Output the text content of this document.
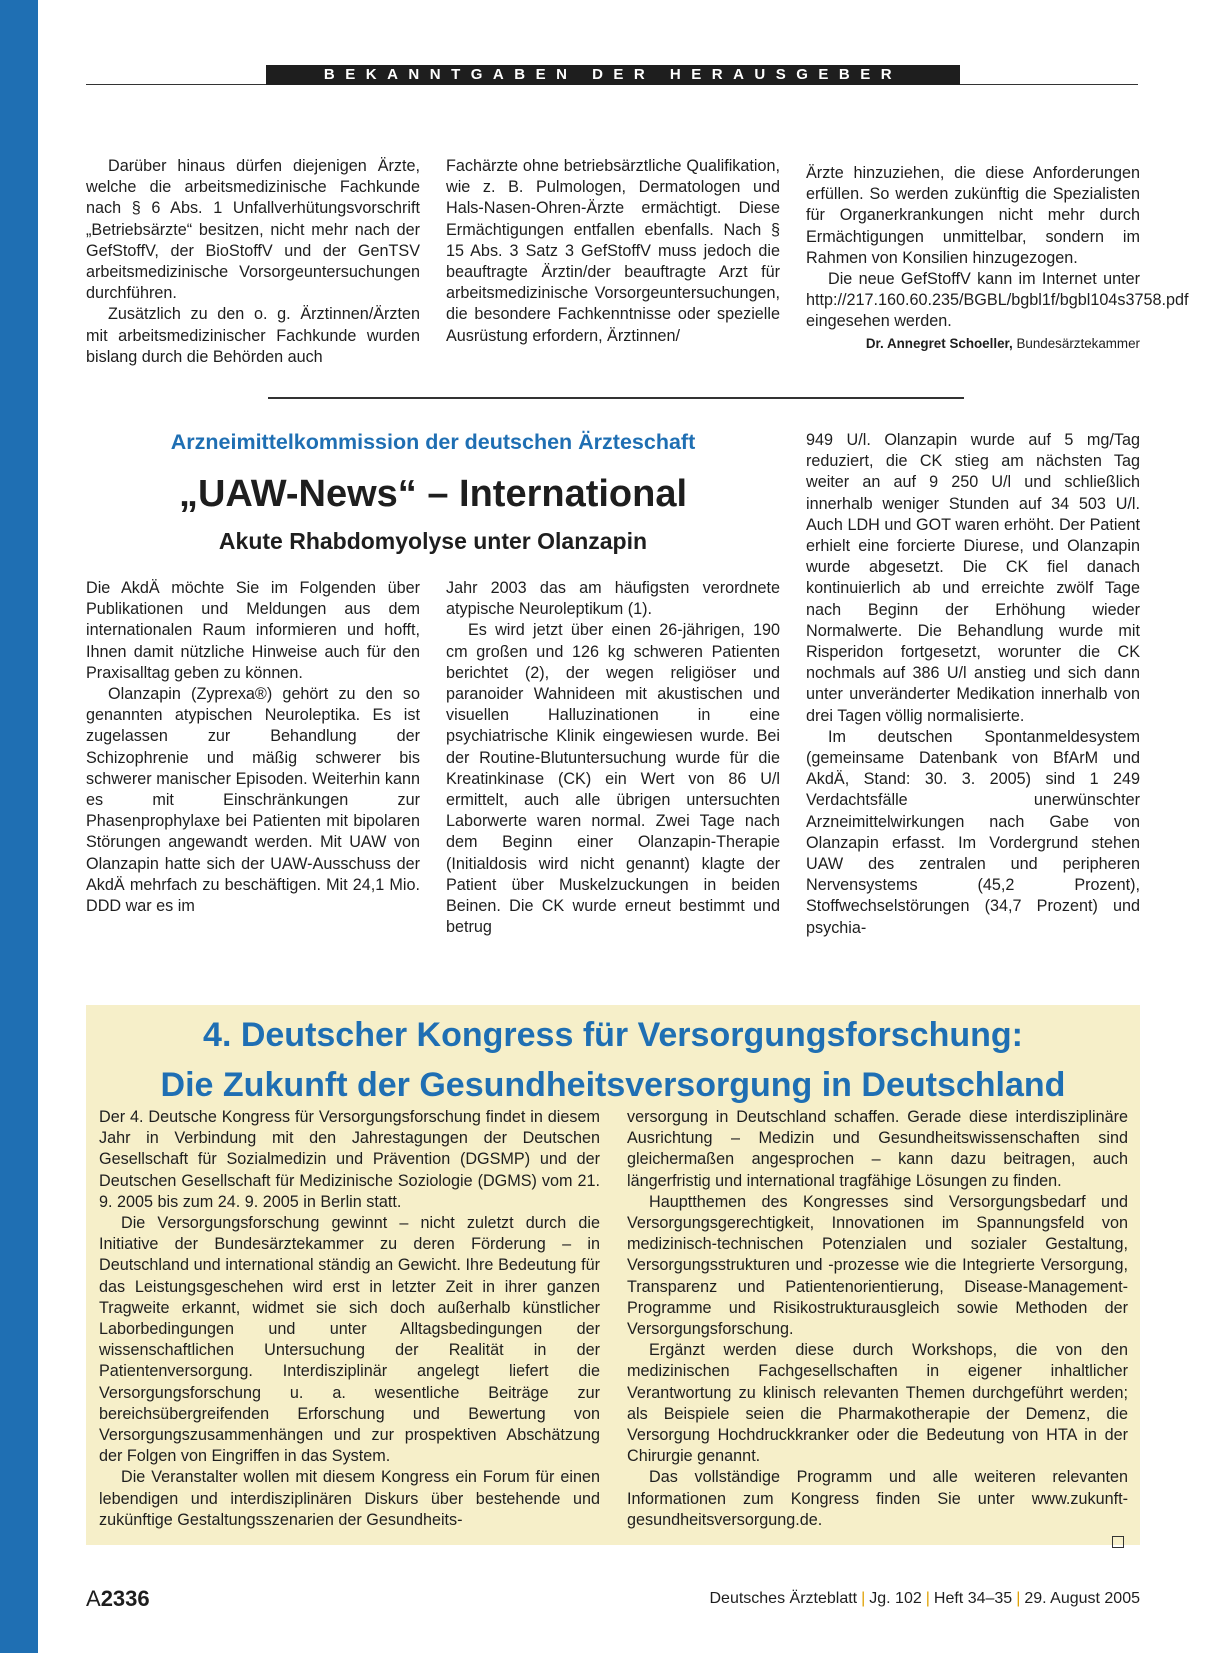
BEKANNTGABEN DER HERAUSGEBER

Darüber hinaus dürfen diejenigen Ärzte, welche die arbeitsmedizinische Fachkunde nach § 6 Abs. 1 Unfallverhütungsvorschrift „Betriebsärzte“ besitzen, nicht mehr nach der GefStoffV, der BioStoffV und der GenTSV arbeitsmedizinische Vorsorgeuntersuchungen durchführen.

Zusätzlich zu den o. g. Ärztinnen/Ärzten mit arbeitsmedizinischer Fachkunde wurden bislang durch die Behörden auch

Fachärzte ohne betriebsärztliche Qualifikation, wie z. B. Pulmologen, Dermatologen und Hals-Nasen-Ohren-Ärzte ermächtigt. Diese Ermächtigungen entfallen ebenfalls. Nach § 15 Abs. 3 Satz 3 GefStoffV muss jedoch die beauftragte Ärztin/der beauftragte Arzt für arbeitsmedizinische Vorsorgeuntersuchungen, die besondere Fachkenntnisse oder spezielle Ausrüstung erfordern, Ärztinnen/

Ärzte hinzuziehen, die diese Anforderungen erfüllen. So werden zukünftig die Spezialisten für Organerkrankungen nicht mehr durch Ermächtigungen unmittelbar, sondern im Rahmen von Konsilien hinzugezogen.

Die neue GefStoffV kann im Internet unter http://217.160.60.235/BGBL/bgbl1f/bgbl104s3758.pdf eingesehen werden.

Dr. Annegret Schoeller, Bundesärztekammer
Arzneimittelkommission der deutschen Ärzteschaft
„UAW-News“ – International
Akute Rhabdomyolyse unter Olanzapin

Die AkdÄ möchte Sie im Folgenden über Publikationen und Meldungen aus dem internationalen Raum informieren und hofft, Ihnen damit nützliche Hinweise auch für den Praxisalltag geben zu können.

Olanzapin (Zyprexa®) gehört zu den so genannten atypischen Neuroleptika. Es ist zugelassen zur Behandlung der Schizophrenie und mäßig schwerer bis schwerer manischer Episoden. Weiterhin kann es mit Einschränkungen zur Phasenprophylaxe bei Patienten mit bipolaren Störungen angewandt werden. Mit UAW von Olanzapin hatte sich der UAW-Ausschuss der AkdÄ mehrfach zu beschäftigen. Mit 24,1 Mio. DDD war es im

Jahr 2003 das am häufigsten verordnete atypische Neuroleptikum (1).

Es wird jetzt über einen 26-jährigen, 190 cm großen und 126 kg schweren Patienten berichtet (2), der wegen religiöser und paranoider Wahnideen mit akustischen und visuellen Halluzinationen in eine psychiatrische Klinik eingewiesen wurde. Bei der Routine-Blutuntersuchung wurde für die Kreatinkinase (CK) ein Wert von 86 U/l ermittelt, auch alle übrigen untersuchten Laborwerte waren normal. Zwei Tage nach dem Beginn einer Olanzapin-Therapie (Initialdosis wird nicht genannt) klagte der Patient über Muskelzuckungen in beiden Beinen. Die CK wurde erneut bestimmt und betrug

949 U/l. Olanzapin wurde auf 5 mg/Tag reduziert, die CK stieg am nächsten Tag weiter an auf 9 250 U/l und schließlich innerhalb weniger Stunden auf 34 503 U/l. Auch LDH und GOT waren erhöht. Der Patient erhielt eine forcierte Diurese, und Olanzapin wurde abgesetzt. Die CK fiel danach kontinuierlich ab und erreichte zwölf Tage nach Beginn der Erhöhung wieder Normalwerte. Die Behandlung wurde mit Risperidon fortgesetzt, worunter die CK nochmals auf 386 U/l anstieg und sich dann unter unveränderter Medikation innerhalb von drei Tagen völlig normalisierte.

Im deutschen Spontanmeldesystem (gemeinsame Datenbank von BfArM und AkdÄ, Stand: 30. 3. 2005) sind 1 249 Verdachtsfälle unerwünschter Arzneimittelwirkungen nach Gabe von Olanzapin erfasst. Im Vordergrund stehen UAW des zentralen und peripheren Nervensystems (45,2 Prozent), Stoffwechselstörungen (34,7 Prozent) und psychia-

4. Deutscher Kongress für Versorgungsforschung:
Die Zukunft der Gesundheitsversorgung in Deutschland

Der 4. Deutsche Kongress für Versorgungsforschung findet in diesem Jahr in Verbindung mit den Jahrestagungen der Deutschen Gesellschaft für Sozialmedizin und Prävention (DGSMP) und der Deutschen Gesellschaft für Medizinische Soziologie (DGMS) vom 21. 9. 2005 bis zum 24. 9. 2005 in Berlin statt.

Die Versorgungsforschung gewinnt – nicht zuletzt durch die Initiative der Bundesärztekammer zu deren Förderung – in Deutschland und international ständig an Gewicht. Ihre Bedeutung für das Leistungsgeschehen wird erst in letzter Zeit in ihrer ganzen Tragweite erkannt, widmet sie sich doch außerhalb künstlicher Laborbedingungen und unter Alltagsbedingungen der wissenschaftlichen Untersuchung der Realität in der Patientenversorgung. Interdisziplinär angelegt liefert die Versorgungsforschung u. a. wesentliche Beiträge zur bereichsübergreifenden Erforschung und Bewertung von Versorgungszusammenhängen und zur prospektiven Abschätzung der Folgen von Eingriffen in das System.

Die Veranstalter wollen mit diesem Kongress ein Forum für einen lebendigen und interdisziplinären Diskurs über bestehende und zukünftige Gestaltungsszenarien der Gesundheits-

versorgung in Deutschland schaffen. Gerade diese interdisziplinäre Ausrichtung – Medizin und Gesundheitswissenschaften sind gleichermaßen angesprochen – kann dazu beitragen, auch längerfristig und international tragfähige Lösungen zu finden.

Hauptthemen des Kongresses sind Versorgungsbedarf und Versorgungsgerechtigkeit, Innovationen im Spannungsfeld von medizinisch-technischen Potenzialen und sozialer Gestaltung, Versorgungsstrukturen und -prozesse wie die Integrierte Versorgung, Transparenz und Patientenorientierung, Disease-Management-Programme und Risikostrukturausgleich sowie Methoden der Versorgungsforschung.

Ergänzt werden diese durch Workshops, die von den medizinischen Fachgesellschaften in eigener inhaltlicher Verantwortung zu klinisch relevanten Themen durchgeführt werden; als Beispiele seien die Pharmakotherapie der Demenz, die Versorgung Hochdruckkranker oder die Bedeutung von HTA in der Chirurgie genannt.

Das vollständige Programm und alle weiteren relevanten Informationen zum Kongress finden Sie unter www.zukunft-gesundheitsversorgung.de.

A2336	Deutsches Ärzteblatt | Jg. 102 | Heft 34–35 | 29. August 2005
